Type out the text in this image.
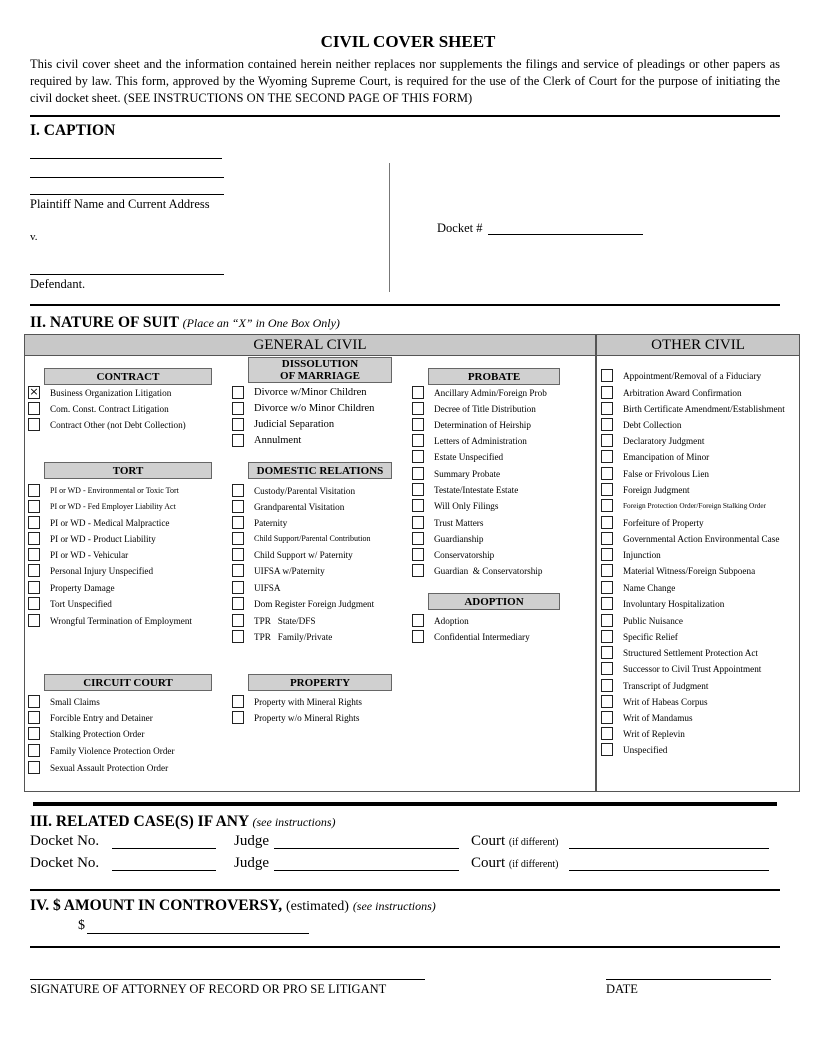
CIVIL COVER SHEET
This civil cover sheet and the information contained herein neither replaces nor supplements the filings and service of pleadings or other papers as required by law. This form, approved by the Wyoming Supreme Court, is required for the use of the Clerk of Court for the purpose of initiating the civil docket sheet. (SEE INSTRUCTIONS ON THE SECOND PAGE OF THIS FORM)
I. CAPTION
Plaintiff Name and Current Address
v.
Defendant.
Docket #
II. NATURE OF SUIT (Place an “X” in One Box Only)
GENERAL CIVIL	OTHER CIVIL
CONTRACT
TORT
CIRCUIT COURT
DISSOLUTION
OF MARRIAGE
DOMESTIC RELATIONS
PROPERTY
PROBATE
ADOPTION
× Business Organization Litigation
Com. Const. Contract Litigation
Contract Other (not Debt Collection)
PI or WD - Environmental or Toxic Tort
PI or WD - Fed Employer Liability Act
PI or WD - Medical Malpractice
PI or WD - Product Liability
PI or WD - Vehicular
Personal Injury Unspecified
Property Damage
Tort Unspecified
Wrongful Termination of Employment
Small Claims
Forcible Entry and Detainer
Stalking Protection Order
Family Violence Protection Order
Sexual Assault Protection Order
Divorce w/Minor Children
Divorce w/o Minor Children
Judicial Separation
Annulment
Custody/Parental Visitation
Grandparental Visitation
Paternity
Child Support/Parental Contribution
Child Support w/ Paternity
UIFSA w/Paternity
UIFSA
Dom Register Foreign Judgment
TPR   State/DFS
TPR   Family/Private
Property with Mineral Rights
Property w/o Mineral Rights
Ancillary Admin/Foreign Prob
Decree of Title Distribution
Determination of Heirship
Letters of Administration
Estate Unspecified
Summary Probate
Testate/Intestate Estate
Will Only Filings
Trust Matters
Guardianship
Conservatorship
Guardian  & Conservatorship
Adoption
Confidential Intermediary
Appointment/Removal of a Fiduciary
Arbitration Award Confirmation
Birth Certificate Amendment/Establishment
Debt Collection
Declaratory Judgment
Emancipation of Minor
False or Frivolous Lien
Foreign Judgment
Foreign Protection Order/Foreign Stalking Order
Forfeiture of Property
Governmental Action Environmental Case
Injunction
Material Witness/Foreign Subpoena
Name Change
Involuntary Hospitalization
Public Nuisance
Specific Relief
Structured Settlement Protection Act
Successor to Civil Trust Appointment
Transcript of Judgment
Writ of Habeas Corpus
Writ of Mandamus
Writ of Replevin
Unspecified
III. RELATED CASE(S) IF ANY (see instructions)
Docket No.	Judge	Court (if different)
Docket No.	Judge	Court (if different)
IV. $ AMOUNT IN CONTROVERSY, (estimated) (see instructions)
$
SIGNATURE OF ATTORNEY OF RECORD OR PRO SE LITIGANT	DATE
